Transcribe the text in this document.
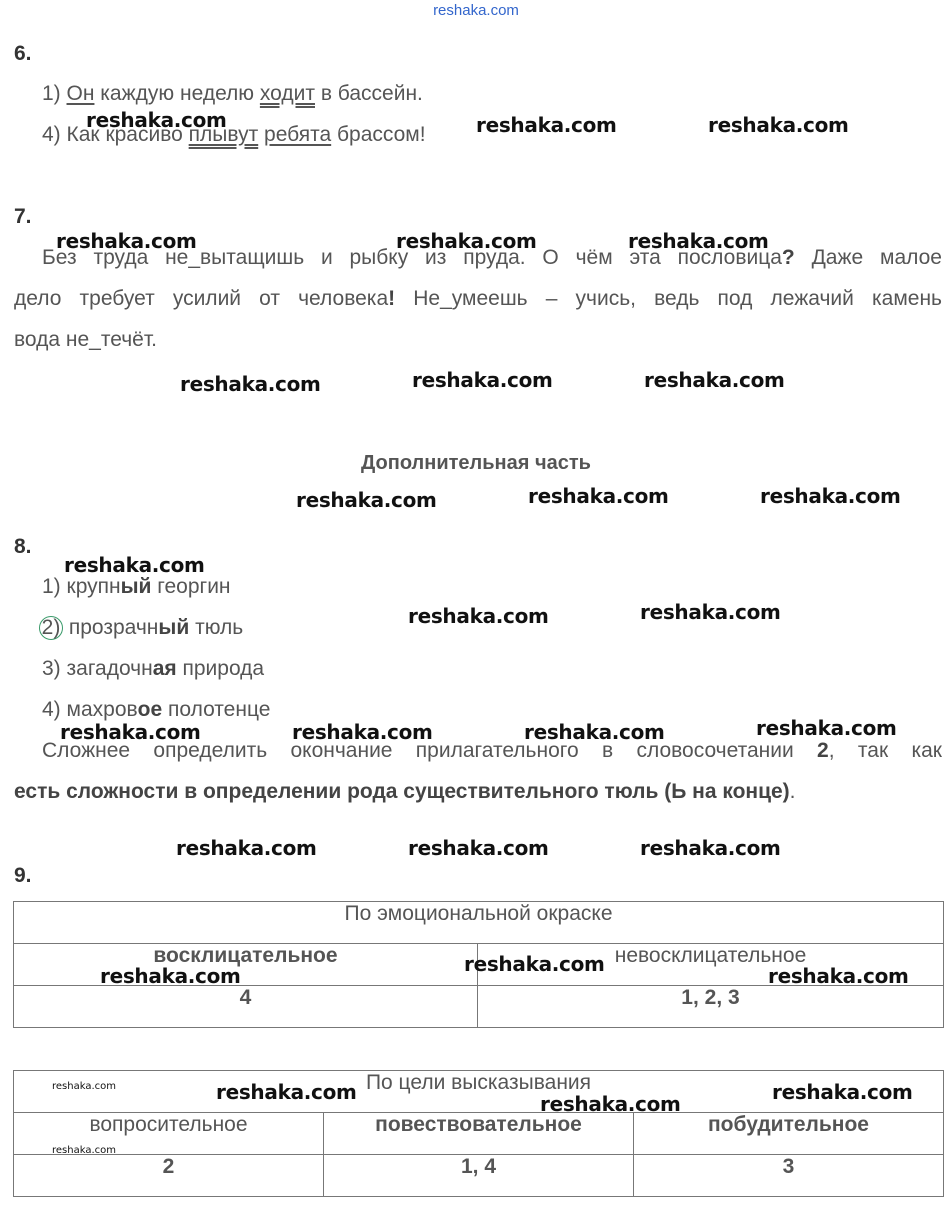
reshaka.com
6.
1) Он каждую неделю ходит в бассейн.
4) Как красиво плывут ребята брассом!
7.
Без труда не_вытащишь и рыбку из пруда. О чём эта пословица? Даже малое
дело требует усилий от человека! Не_умеешь – учись, ведь под лежачий камень
вода не_течёт.
Дополнительная часть
8.
1) крупный георгин
2) прозрачный тюль
3) загадочная природа
4) махровое полотенце
Сложнее определить окончание прилагательного в словосочетании 2, так как
есть сложности в определении рода существительного тюль (Ь на конце).
9.
По эмоциональной окраске	
восклицательное	невосклицательное
4	1, 2, 3
По цели высказывания		
вопросительное	повествовательное	побудительное
2	1, 4	3
reshaka.com	reshaka.com	reshaka.com
reshaka.com	reshaka.com	reshaka.com
reshaka.com	reshaka.com	reshaka.com
reshaka.com	reshaka.com	reshaka.com
reshaka.com
reshaka.com	reshaka.com
reshaka.com	reshaka.com	reshaka.com	reshaka.com
reshaka.com	reshaka.com	reshaka.com
reshaka.com	reshaka.com	reshaka.com
reshaka.com	reshaka.com	reshaka.com
reshaka.com
reshaka.com
